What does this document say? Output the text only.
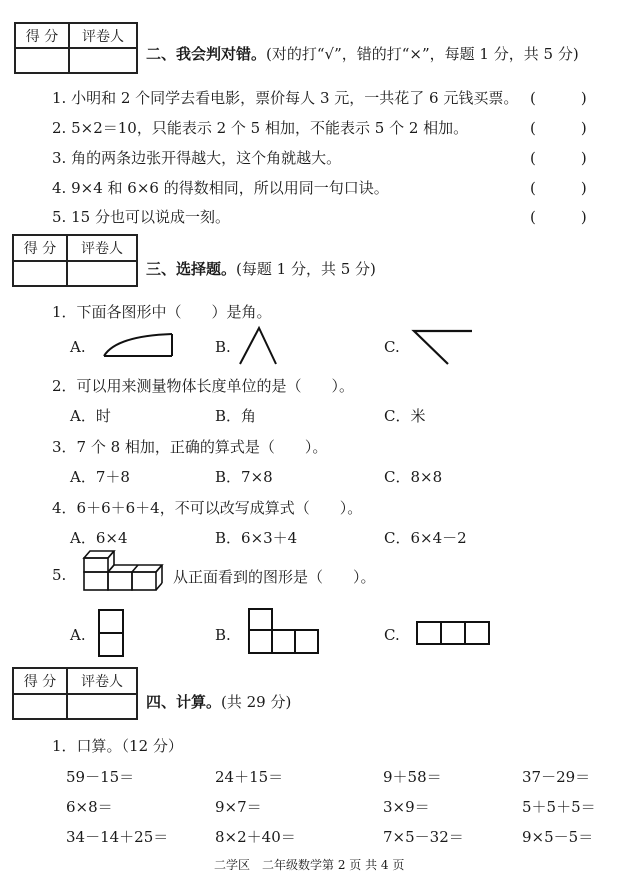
得 分	评卷人
二、我会判对错。(对的打“√”，错的打“×”，每题 1 分，共 5 分)
1. 小明和 2 个同学去看电影，票价每人 3 元，一共花了 6 元钱买票。 (　　　)
2. 5×2＝10，只能表示 2 个 5 相加，不能表示 5 个 2 相加。	(　　　)
3. 角的两条边张开得越大，这个角就越大。	(　　　)
4. 9×4 和 6×6 的得数相同，所以用同一句口诀。	(　　　)
5. 15 分也可以说成一刻。	(　　　)
得 分	评卷人
三、选择题。(每题 1 分，共 5 分)
1．下面各图形中（　　）是角。
A.	B.	C.
2．可以用来测量物体长度单位的是（　　）。
A．时	B．角	C．米
3．7 个 8 相加，正确的算式是（　　）。
A．7＋8	B．7×8	C．8×8
4．6＋6＋6＋4，不可以改写成算式（　　）。
A．6×4	B．6×3＋4	C．6×4－2
5.	从正面看到的图形是（　　）。
A.	B.	C.
得 分	评卷人
四、计算。(共 29 分)
1．口算。（12 分）
59－15＝	24＋15＝	9＋58＝	37－29＝
6×8＝	9×7＝	3×9＝	5＋5＋5＝
34－14＋25＝	8×2＋40＝	7×5－32＝	9×5－5＝
二学区　二年级数学第 2 页 共 4 页
